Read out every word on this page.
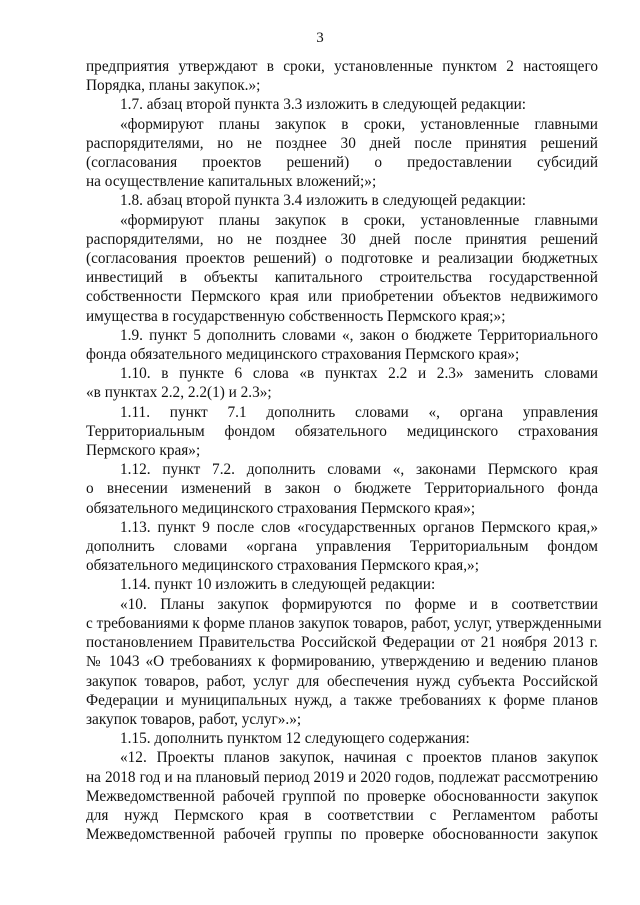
3
предприятия утверждают в сроки, установленные пунктом 2 настоящего
Порядка, планы закупок.»;
1.7. абзац второй пункта 3.3 изложить в следующей редакции:
«формируют планы закупок в сроки, установленные главными
распорядителями, но не позднее 30 дней после принятия решений
(согласования проектов решений) о предоставлении субсидий
на осуществление капитальных вложений;»;
1.8. абзац второй пункта 3.4 изложить в следующей редакции:
«формируют планы закупок в сроки, установленные главными
распорядителями, но не позднее 30 дней после принятия решений
(согласования проектов решений) о подготовке и реализации бюджетных
инвестиций в объекты капитального строительства государственной
собственности Пермского края или приобретении объектов недвижимого
имущества в государственную собственность Пермского края;»;
1.9. пункт 5 дополнить словами «, закон о бюджете Территориального
фонда обязательного медицинского страхования Пермского края»;
1.10. в пункте 6 слова «в пунктах 2.2 и 2.3» заменить словами
«в пунктах 2.2, 2.2(1) и 2.3»;
1.11. пункт 7.1 дополнить словами «, органа управления
Территориальным фондом обязательного медицинского страхования
Пермского края»;
1.12. пункт 7.2. дополнить словами «, законами Пермского края
о внесении изменений в закон о бюджете Территориального фонда
обязательного медицинского страхования Пермского края»;
1.13. пункт 9 после слов «государственных органов Пермского края,»
дополнить словами «органа управления Территориальным фондом
обязательного медицинского страхования Пермского края,»;
1.14. пункт 10 изложить в следующей редакции:
«10. Планы закупок формируются по форме и в соответствии
с требованиями к форме планов закупок товаров, работ, услуг, утвержденными
постановлением Правительства Российской Федерации от 21 ноября 2013 г.
№ 1043 «О требованиях к формированию, утверждению и ведению планов
закупок товаров, работ, услуг для обеспечения нужд субъекта Российской
Федерации и муниципальных нужд, а также требованиях к форме планов
закупок товаров, работ, услуг».»;
1.15. дополнить пунктом 12 следующего содержания:
«12. Проекты планов закупок, начиная с проектов планов закупок
на 2018 год и на плановый период 2019 и 2020 годов, подлежат рассмотрению
Межведомственной рабочей группой по проверке обоснованности закупок
для нужд Пермского края в соответствии с Регламентом работы
Межведомственной рабочей группы по проверке обоснованности закупок
